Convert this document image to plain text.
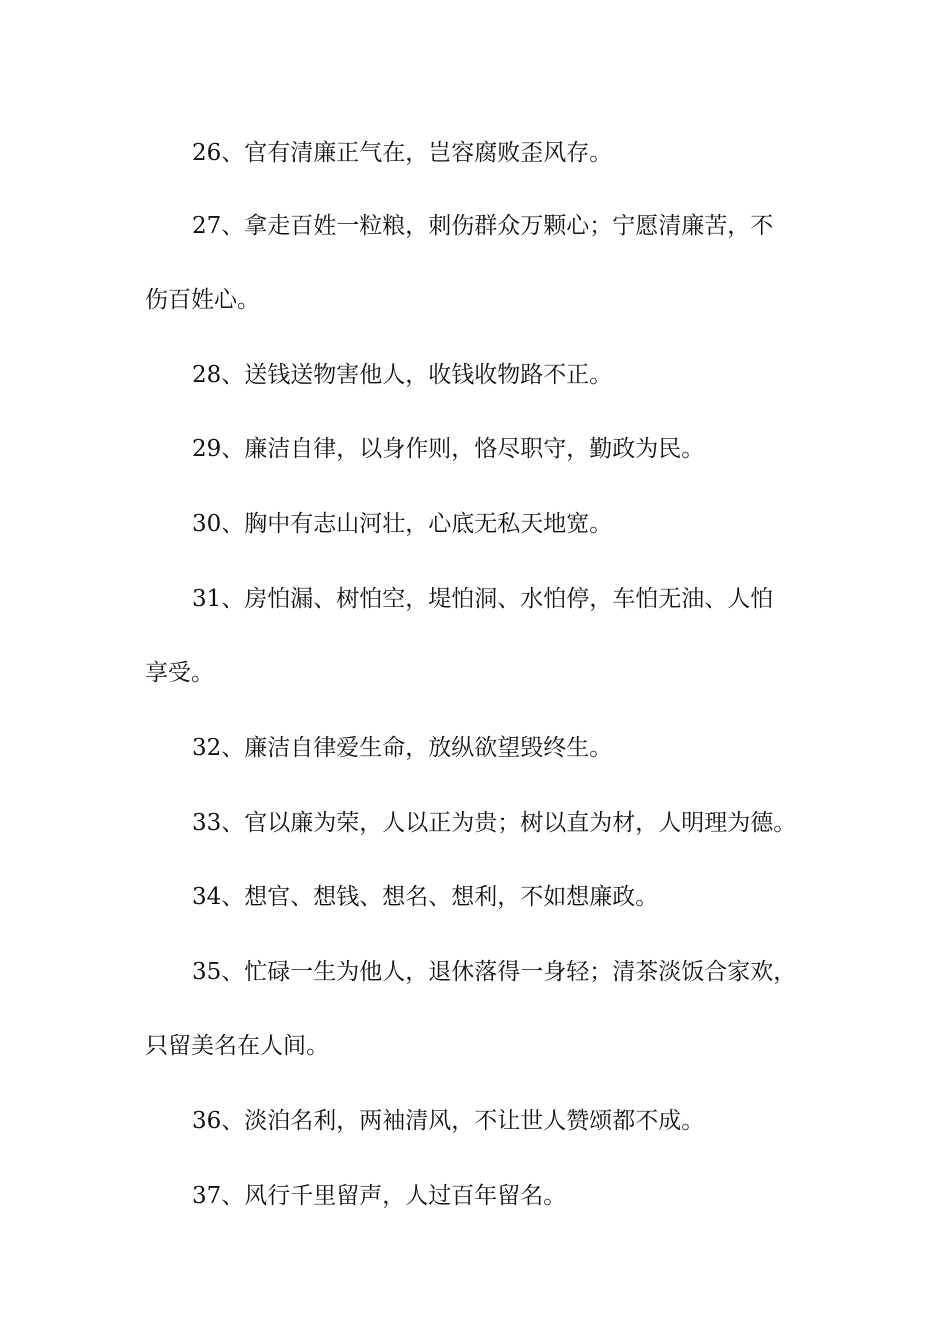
26、官有清廉正气在，岂容腐败歪风存。

27、拿走百姓一粒粮，刺伤群众万颗心；宁愿清廉苦，不
伤百姓心。

28、送钱送物害他人，收钱收物路不正。

29、廉洁自律，以身作则，恪尽职守，勤政为民。

30、胸中有志山河壮，心底无私天地宽。

31、房怕漏、树怕空，堤怕洞、水怕停，车怕无油、人怕
享受。

32、廉洁自律爱生命，放纵欲望毁终生。

33、官以廉为荣，人以正为贵；树以直为材，人明理为德。

34、想官、想钱、想名、想利，不如想廉政。

35、忙碌一生为他人，退休落得一身轻；清茶淡饭合家欢，
只留美名在人间。

36、淡泊名利，两袖清风，不让世人赞颂都不成。

37、风行千里留声，人过百年留名。
